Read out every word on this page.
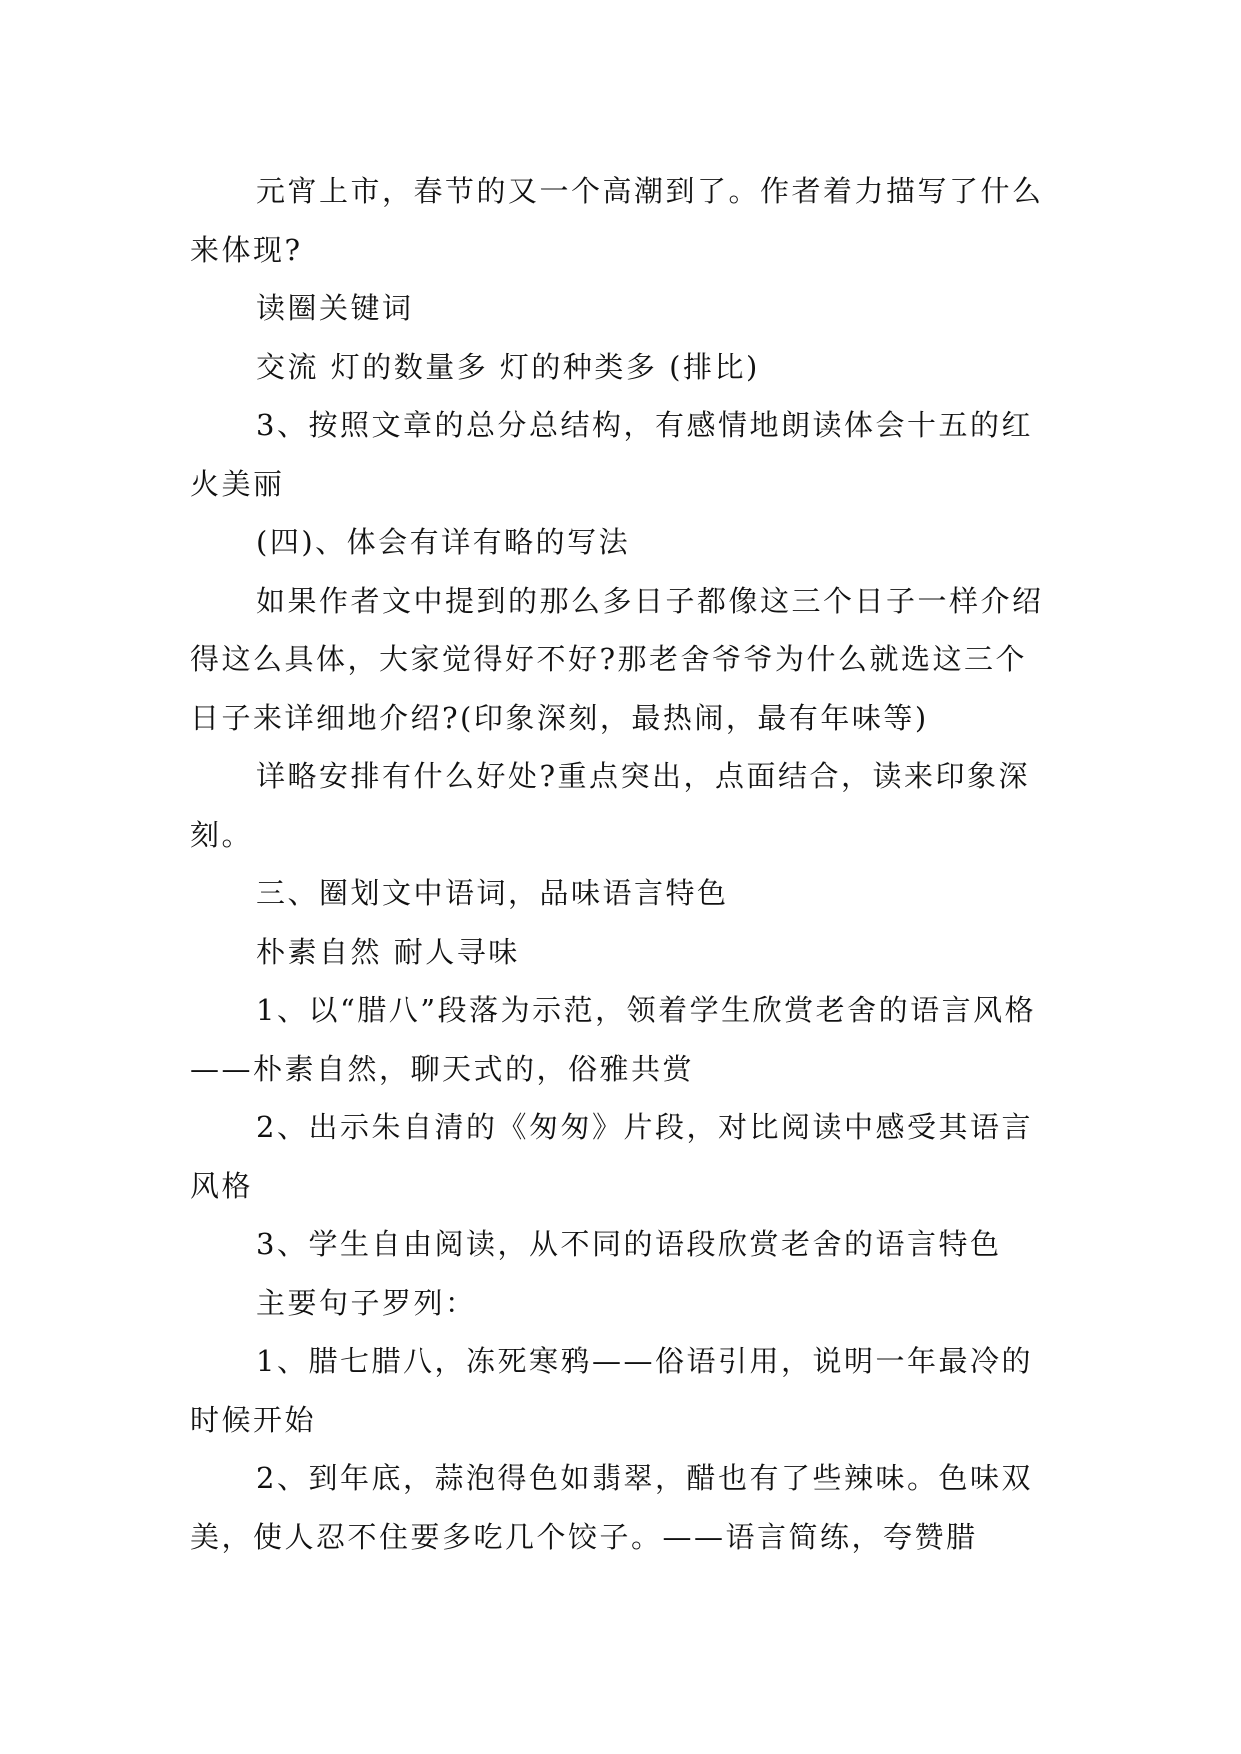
元宵上市，春节的又一个高潮到了。作者着力描写了什么来体现?

读圈关键词

交流 灯的数量多 灯的种类多 (排比)

3、按照文章的总分总结构，有感情地朗读体会十五的红火美丽

(四)、体会有详有略的写法

如果作者文中提到的那么多日子都像这三个日子一样介绍得这么具体，大家觉得好不好?那老舍爷爷为什么就选这三个日子来详细地介绍?(印象深刻，最热闹，最有年味等)

详略安排有什么好处?重点突出，点面结合，读来印象深刻。

三、圈划文中语词，品味语言特色

朴素自然 耐人寻味

1、以“腊八”段落为示范，领着学生欣赏老舍的语言风格——朴素自然，聊天式的，俗雅共赏

2、出示朱自清的《匆匆》片段，对比阅读中感受其语言风格

3、学生自由阅读，从不同的语段欣赏老舍的语言特色

主要句子罗列：

1、腊七腊八，冻死寒鸦——俗语引用，说明一年最冷的时候开始

2、到年底，蒜泡得色如翡翠，醋也有了些辣味。色味双美，使人忍不住要多吃几个饺子。——语言简练，夸赞腊
